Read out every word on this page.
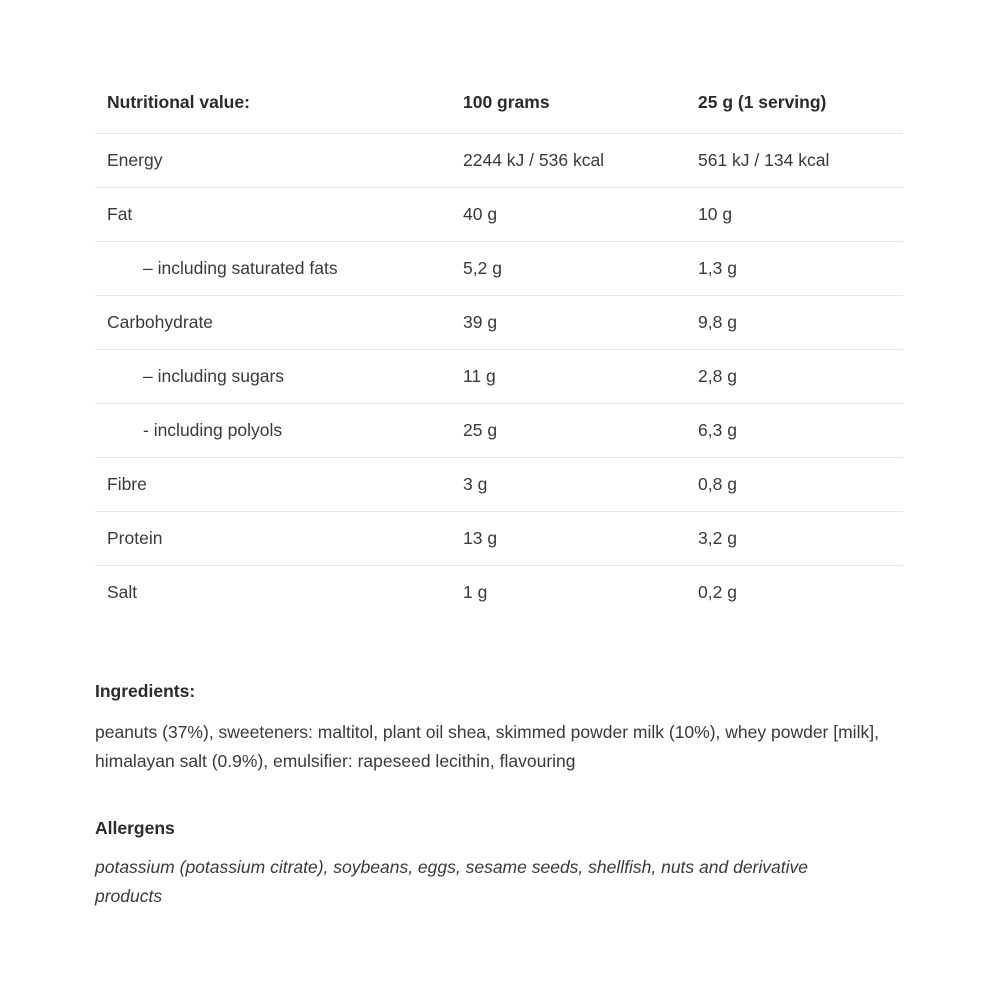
Nutritional value:	100 grams	25 g (1 serving)
Energy	2244 kJ / 536 kcal	561 kJ / 134 kcal
Fat	40 g	10 g
– including saturated fats	5,2 g	1,3 g
Carbohydrate	39 g	9,8 g
– including sugars	11 g	2,8 g
- including polyols	25 g	6,3 g
Fibre	3 g	0,8 g
Protein	13 g	3,2 g
Salt	1 g	0,2 g

Ingredients:

peanuts (37%), sweeteners: maltitol, plant oil shea, skimmed powder milk (10%), whey powder [milk], himalayan salt (0.9%), emulsifier: rapeseed lecithin, flavouring

Allergens

potassium (potassium citrate), soybeans, eggs, sesame seeds, shellfish, nuts and derivative products
